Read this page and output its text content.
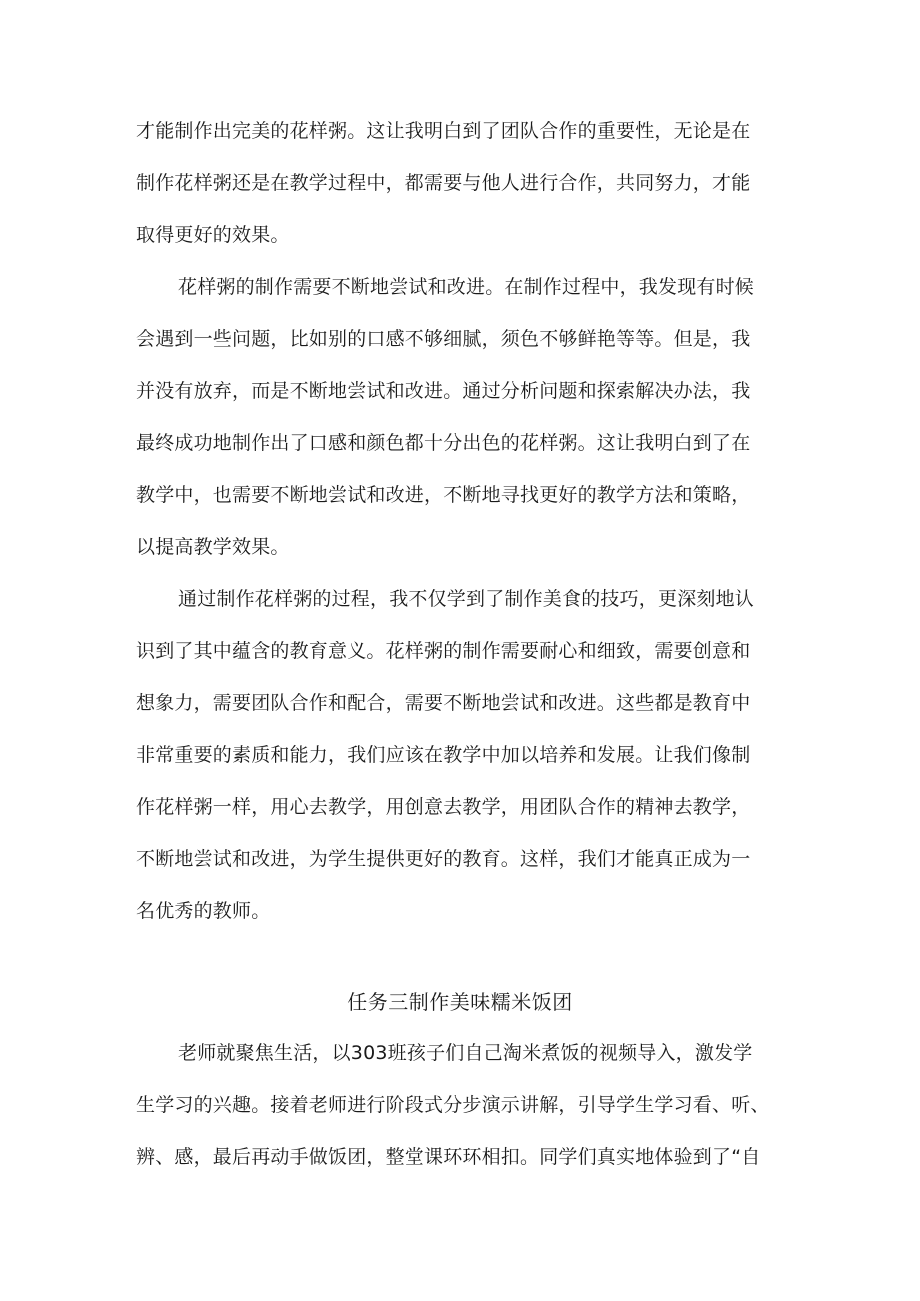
才能制作出完美的花样粥。这让我明白到了团队合作的重要性，无论是在
制作花样粥还是在教学过程中，都需要与他人进行合作，共同努力，才能
取得更好的效果。
花样粥的制作需要不断地尝试和改进。在制作过程中，我发现有时候
会遇到一些问题，比如别的口感不够细腻，须色不够鲜艳等等。但是，我
并没有放弃，而是不断地尝试和改进。通过分析问题和探索解决办法，我
最终成功地制作出了口感和颜色都十分出色的花样粥。这让我明白到了在
教学中，也需要不断地尝试和改进，不断地寻找更好的教学方法和策略，
以提高教学效果。
通过制作花样粥的过程，我不仅学到了制作美食的技巧，更深刻地认
识到了其中蕴含的教育意义。花样粥的制作需要耐心和细致，需要创意和
想象力，需要团队合作和配合，需要不断地尝试和改进。这些都是教育中
非常重要的素质和能力，我们应该在教学中加以培养和发展。让我们像制
作花样粥一样，用心去教学，用创意去教学，用团队合作的精神去教学，
不断地尝试和改进，为学生提供更好的教育。这样，我们才能真正成为一
名优秀的教师。
任务三制作美味糯米饭团
老师就聚焦生活，以303班孩子们自己淘米煮饭的视频导入，激发学
生学习的兴趣。接着老师进行阶段式分步演示讲解，引导学生学习看、听、
辨、感，最后再动手做饭团，整堂课环环相扣。同学们真实地体验到了“自
